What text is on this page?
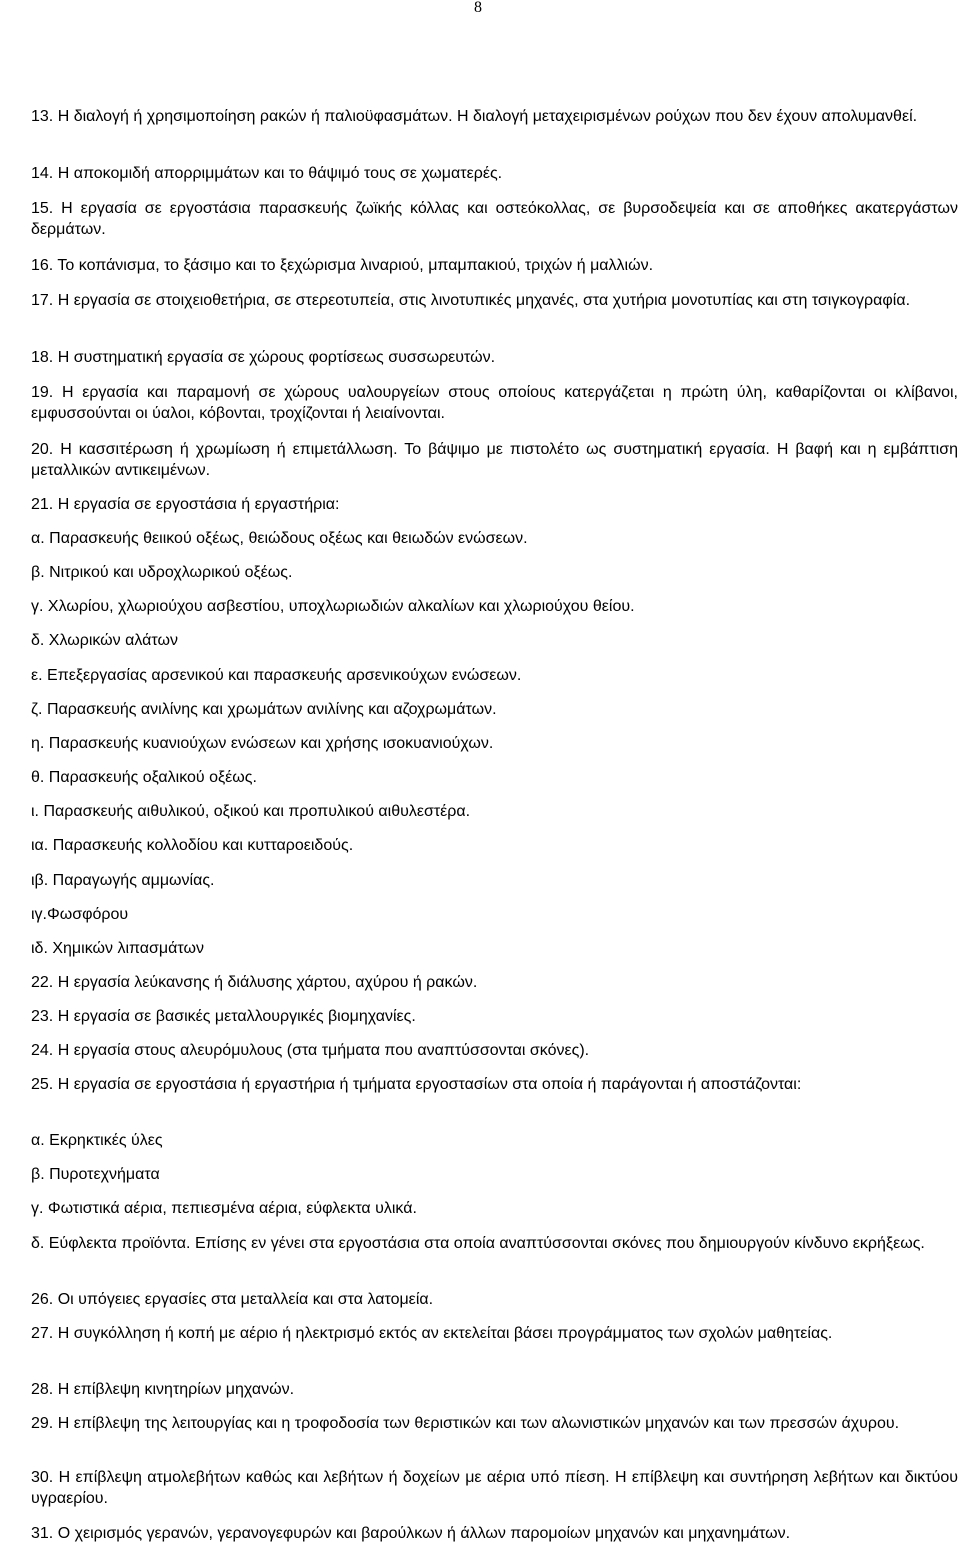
8
13. Η διαλογή ή χρησιμοποίηση ρακών ή παλιοϋφασμάτων. Η διαλογή μεταχειρισμένων ρούχων που δεν έχουν απολυμανθεί.
14. Η αποκομιδή απορριμμάτων και το θάψιμό τους σε χωματερές.
15. Η εργασία σε εργοστάσια παρασκευής ζωϊκής κόλλας και οστεόκολλας, σε βυρσοδεψεία και σε αποθήκες ακατεργάστων δερμάτων.
16. Το κοπάνισμα, το ξάσιμο και το ξεχώρισμα λιναριού, μπαμπακιού, τριχών ή μαλλιών.
17. Η εργασία σε στοιχειοθετήρια, σε στερεοτυπεία, στις λινοτυπικές μηχανές, στα χυτήρια μονοτυπίας και στη τσιγκογραφία.
18. Η συστηματική εργασία σε χώρους φορτίσεως συσσωρευτών.
19. Η εργασία και παραμονή σε χώρους υαλουργείων στους οποίους κατεργάζεται η πρώτη ύλη, καθαρίζονται οι κλίβανοι, εμφυσσούνται οι ύαλοι, κόβονται, τροχίζονται ή λειαίνονται.
20. Η κασσιτέρωση ή χρωμίωση ή επιμετάλλωση. Το βάψιμο με πιστολέτο ως συστηματική εργασία. Η βαφή και η εμβάπτιση μεταλλικών αντικειμένων.
21. Η εργασία σε εργοστάσια ή εργαστήρια:
α. Παρασκευής θειικού οξέως, θειώδους οξέως και θειωδών ενώσεων.
β. Νιτρικού και υδροχλωρικού οξέως.
γ. Χλωρίου, χλωριούχου ασβεστίου, υποχλωριωδιών αλκαλίων και χλωριούχου θείου.
δ. Χλωρικών αλάτων
ε. Επεξεργασίας αρσενικού και παρασκευής αρσενικούχων ενώσεων.
ζ. Παρασκευής ανιλίνης και χρωμάτων ανιλίνης και αζοχρωμάτων.
η. Παρασκευής κυανιούχων ενώσεων και χρήσης ισοκυανιούχων.
θ. Παρασκευής οξαλικού οξέως.
ι. Παρασκευής αιθυλικού, οξικού και προπυλικού αιθυλεστέρα.
ια. Παρασκευής κολλοδίου και κυτταροειδούς.
ιβ. Παραγωγής αμμωνίας.
ιγ.Φωσφόρου
ιδ. Χημικών λιπασμάτων
22. Η εργασία λεύκανσης ή διάλυσης χάρτου, αχύρου ή ρακών.
23. Η εργασία σε βασικές μεταλλουργικές βιομηχανίες.
24. Η εργασία στους αλευρόμυλους (στα τμήματα που αναπτύσσονται σκόνες).
25. Η εργασία σε εργοστάσια ή εργαστήρια ή τμήματα εργοστασίων στα οποία ή παράγονται ή αποστάζονται:
α. Εκρηκτικές ύλες
β. Πυροτεχνήματα
γ. Φωτιστικά αέρια, πεπιεσμένα αέρια, εύφλεκτα υλικά.
δ. Εύφλεκτα προϊόντα. Επίσης εν γένει στα εργοστάσια στα οποία αναπτύσσονται σκόνες που δημιουργούν κίνδυνο εκρήξεως.
26. Οι υπόγειες εργασίες στα μεταλλεία και στα λατομεία.
27. Η συγκόλληση ή κοπή με αέριο ή ηλεκτρισμό εκτός αν εκτελείται βάσει προγράμματος των σχολών μαθητείας.
28. Η επίβλεψη κινητηρίων μηχανών.
29. Η επίβλεψη της λειτουργίας και η τροφοδοσία των θεριστικών και των αλωνιστικών μηχανών και των πρεσσών άχυρου.
30. Η επίβλεψη ατμολεβήτων καθώς και λεβήτων ή δοχείων με αέρια υπό πίεση. Η επίβλεψη και συντήρηση λεβήτων και δικτύου υγραερίου.
31. Ο χειρισμός γερανών, γερανογεφυρών και βαρούλκων ή άλλων παρομοίων μηχανών και μηχανημάτων.
